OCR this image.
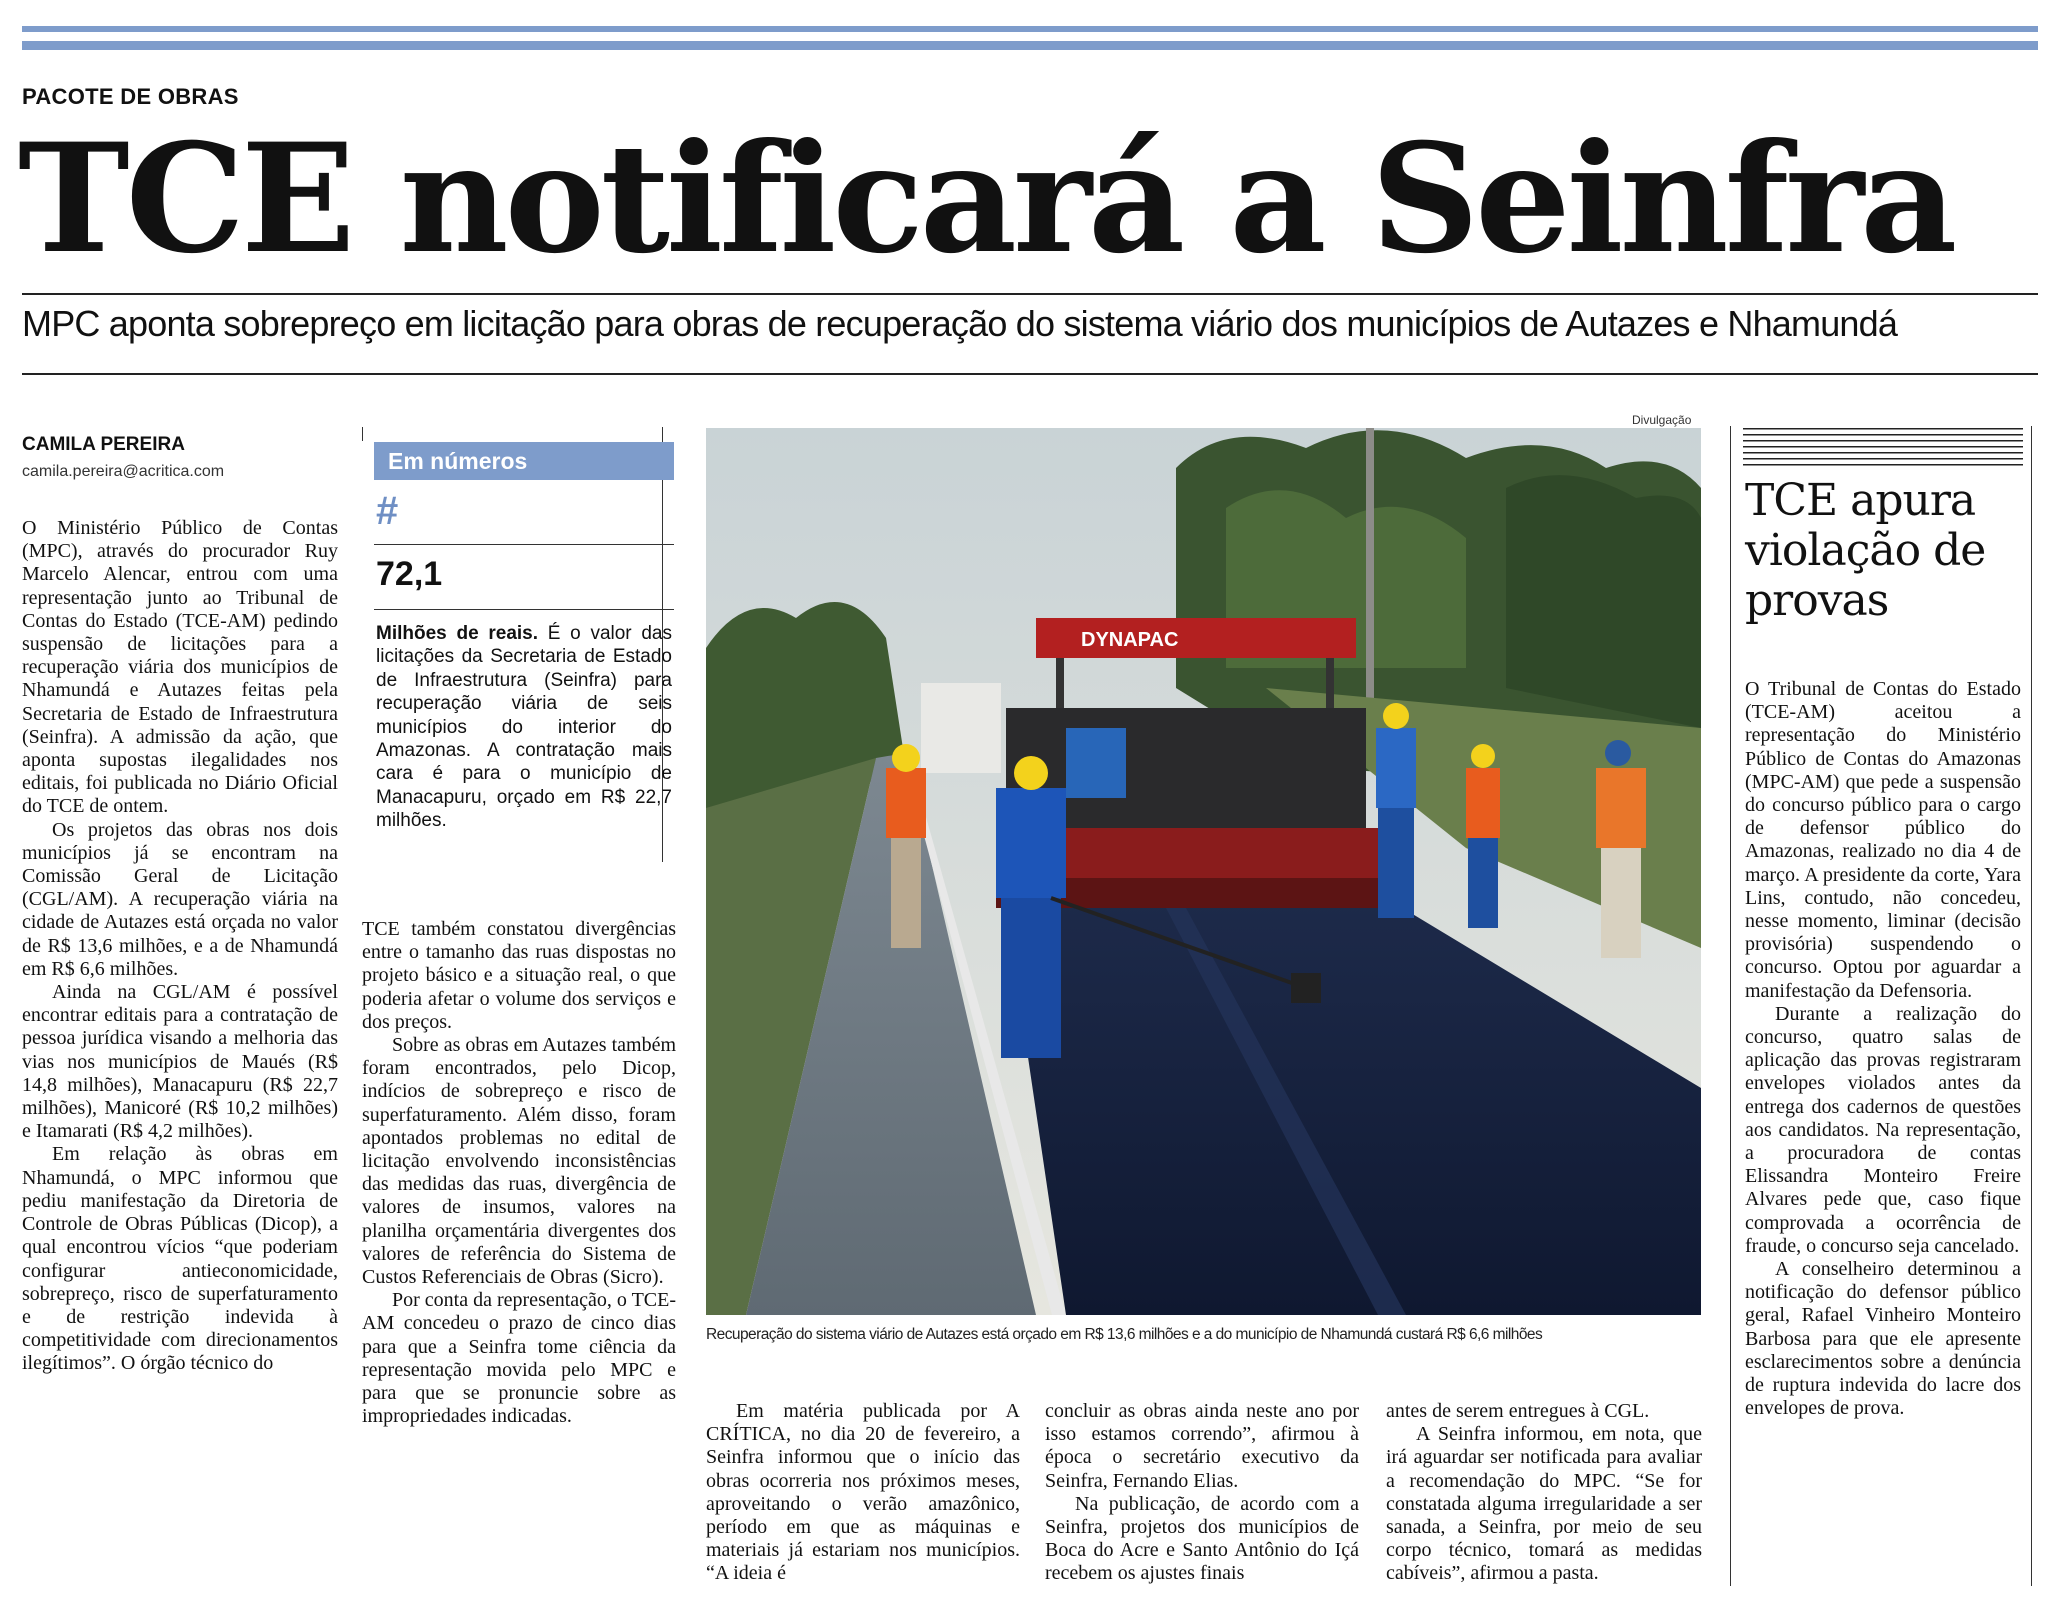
PACOTE DE OBRAS
TCE notificará a Seinfra
MPC aponta sobrepreço em licitação para obras de recuperação do sistema viário dos municípios de Autazes e Nhamundá
CAMILA PEREIRA
camila.pereira@acritica.com

O Ministério Público de Contas (MPC), através do procurador Ruy Marcelo Alencar, entrou com uma representação junto ao Tribunal de Contas do Estado (TCE-AM) pedindo suspensão de licitações para a recuperação viária dos municípios de Nhamundá e Autazes feitas pela Secretaria de Estado de Infraestrutura (Seinfra). A admissão da ação, que aponta supostas ilegalidades nos editais, foi publicada no Diário Oficial do TCE de ontem.

Os projetos das obras nos dois municípios já se encontram na Comissão Geral de Licitação (CGL/AM). A recuperação viária na cidade de Autazes está orçada no valor de R$ 13,6 milhões, e a de Nhamundá em R$ 6,6 milhões.

Ainda na CGL/AM é possível encontrar editais para a contratação de pessoa jurídica visando a melhoria das vias nos municípios de Maués (R$ 14,8 milhões), Manacapuru (R$ 22,7 milhões), Manicoré (R$ 10,2 milhões) e Itamarati (R$ 4,2 milhões).

Em relação às obras em Nhamundá, o MPC informou que pediu manifestação da Diretoria de Controle de Obras Públicas (Dicop), a qual encontrou vícios “que poderiam configurar antieconomicidade, sobrepreço, risco de superfaturamento e de restrição indevida à competitividade com direcionamentos ilegítimos”. O órgão técnico do

Em números
#
72,1
Milhões de reais. É o valor das licitações da Secretaria de Estado de Infraestrutura (Seinfra) para recuperação viária de seis municípios do interior do Amazonas. A contratação mais cara é para o município de Manacapuru, orçado em R$ 22,7 milhões.

TCE também constatou divergências entre o tamanho das ruas dispostas no projeto básico e a situação real, o que poderia afetar o volume dos serviços e dos preços.

Sobre as obras em Autazes também foram encontrados, pelo Dicop, indícios de sobrepreço e risco de superfaturamento. Além disso, foram apontados problemas no edital de licitação envolvendo inconsistências das medidas das ruas, divergência de valores de insumos, valores na planilha orçamentária divergentes dos valores de referência do Sistema de Custos Referenciais de Obras (Sicro).

Por conta da representação, o TCE-AM concedeu o prazo de cinco dias para que a Seinfra tome ciência da representação movida pelo MPC e para que se pronuncie sobre as impropriedades indicadas.

Divulgação
DYNAPAC
Recuperação do sistema viário de Autazes está orçado em R$ 13,6 milhões e a do município de Nhamundá custará R$ 6,6 milhões

Em matéria publicada por A CRÍTICA, no dia 20 de fevereiro, a Seinfra informou que o início das obras ocorreria nos próximos meses, aproveitando o verão amazônico, período em que as máquinas e materiais já estariam nos municípios. “A ideia é

concluir as obras ainda neste ano por isso estamos correndo”, afirmou à época o secretário executivo da Seinfra, Fernando Elias.

Na publicação, de acordo com a Seinfra, projetos dos municípios de Boca do Acre e Santo Antônio do Içá recebem os ajustes finais

antes de serem entregues à CGL.

A Seinfra informou, em nota, que irá aguardar ser notificada para avaliar a recomendação do MPC. “Se for constatada alguma irregularidade a ser sanada, a Seinfra, por meio de seu corpo técnico, tomará as medidas cabíveis”, afirmou a pasta.

TCE apura violação de provas

O Tribunal de Contas do Estado (TCE-AM) aceitou a representação do Ministério Público de Contas do Amazonas (MPC-AM) que pede a suspensão do concurso público para o cargo de defensor público do Amazonas, realizado no dia 4 de março. A presidente da corte, Yara Lins, contudo, não concedeu, nesse momento, liminar (decisão provisória) suspendendo o concurso. Optou por aguardar a manifestação da Defensoria.

Durante a realização do concurso, quatro salas de aplicação das provas registraram envelopes violados antes da entrega dos cadernos de questões aos candidatos. Na representação, a procuradora de contas Elissandra Monteiro Freire Alvares pede que, caso fique comprovada a ocorrência de fraude, o concurso seja cancelado.

A conselheiro determinou a notificação do defensor público geral, Rafael Vinheiro Monteiro Barbosa para que ele apresente esclarecimentos sobre a denúncia de ruptura indevida do lacre dos envelopes de prova.
